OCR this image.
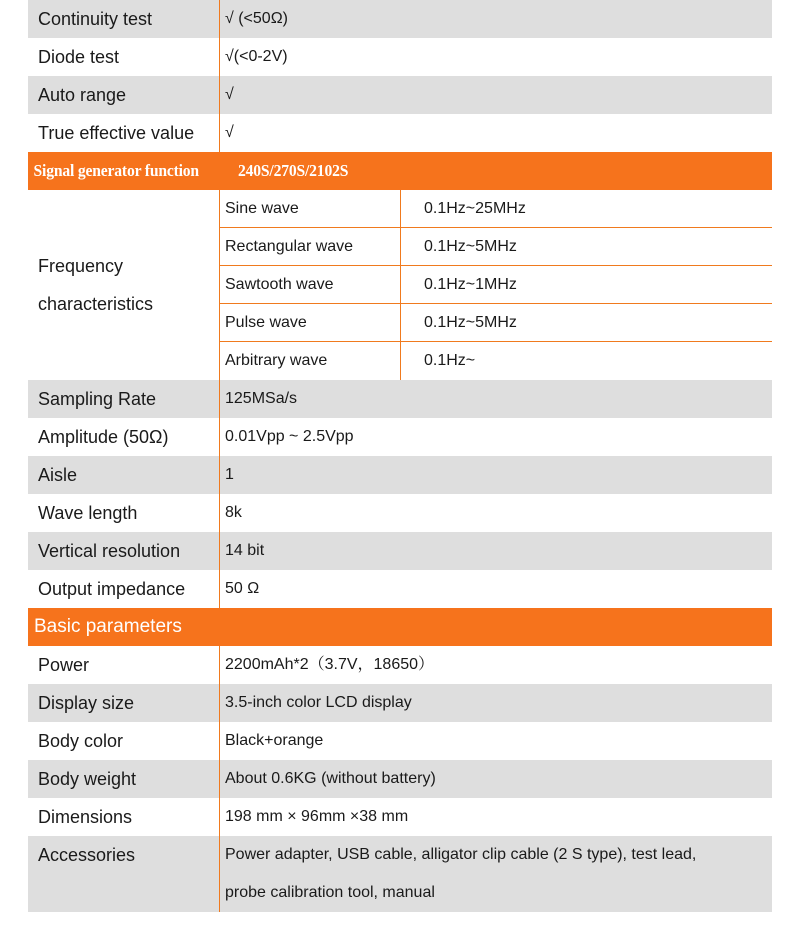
Continuity test	√ (<50Ω)
Diode test	√(<0-2V)
Auto range	√
True effective value	√
Signal generator function 240S/270S/2102S
Frequency
characteristics
Sine wave	0.1Hz~25MHz
Rectangular wave	0.1Hz~5MHz
Sawtooth wave	0.1Hz~1MHz
Pulse wave	0.1Hz~5MHz
Arbitrary wave	0.1Hz~
Sampling Rate	125MSa/s
Amplitude (50Ω)	0.01Vpp ~ 2.5Vpp
Aisle	1
Wave length	8k
Vertical resolution	14 bit
Output impedance	50 Ω
Basic parameters
Power	2200mAh*2（3.7V，18650）
Display size	3.5-inch color LCD display
Body color	Black+orange
Body weight	About 0.6KG (without battery)
Dimensions	198 mm × 96mm ×38 mm
Accessories	Power adapter, USB cable, alligator clip cable (2 S type), test lead, probe calibration tool, manual
